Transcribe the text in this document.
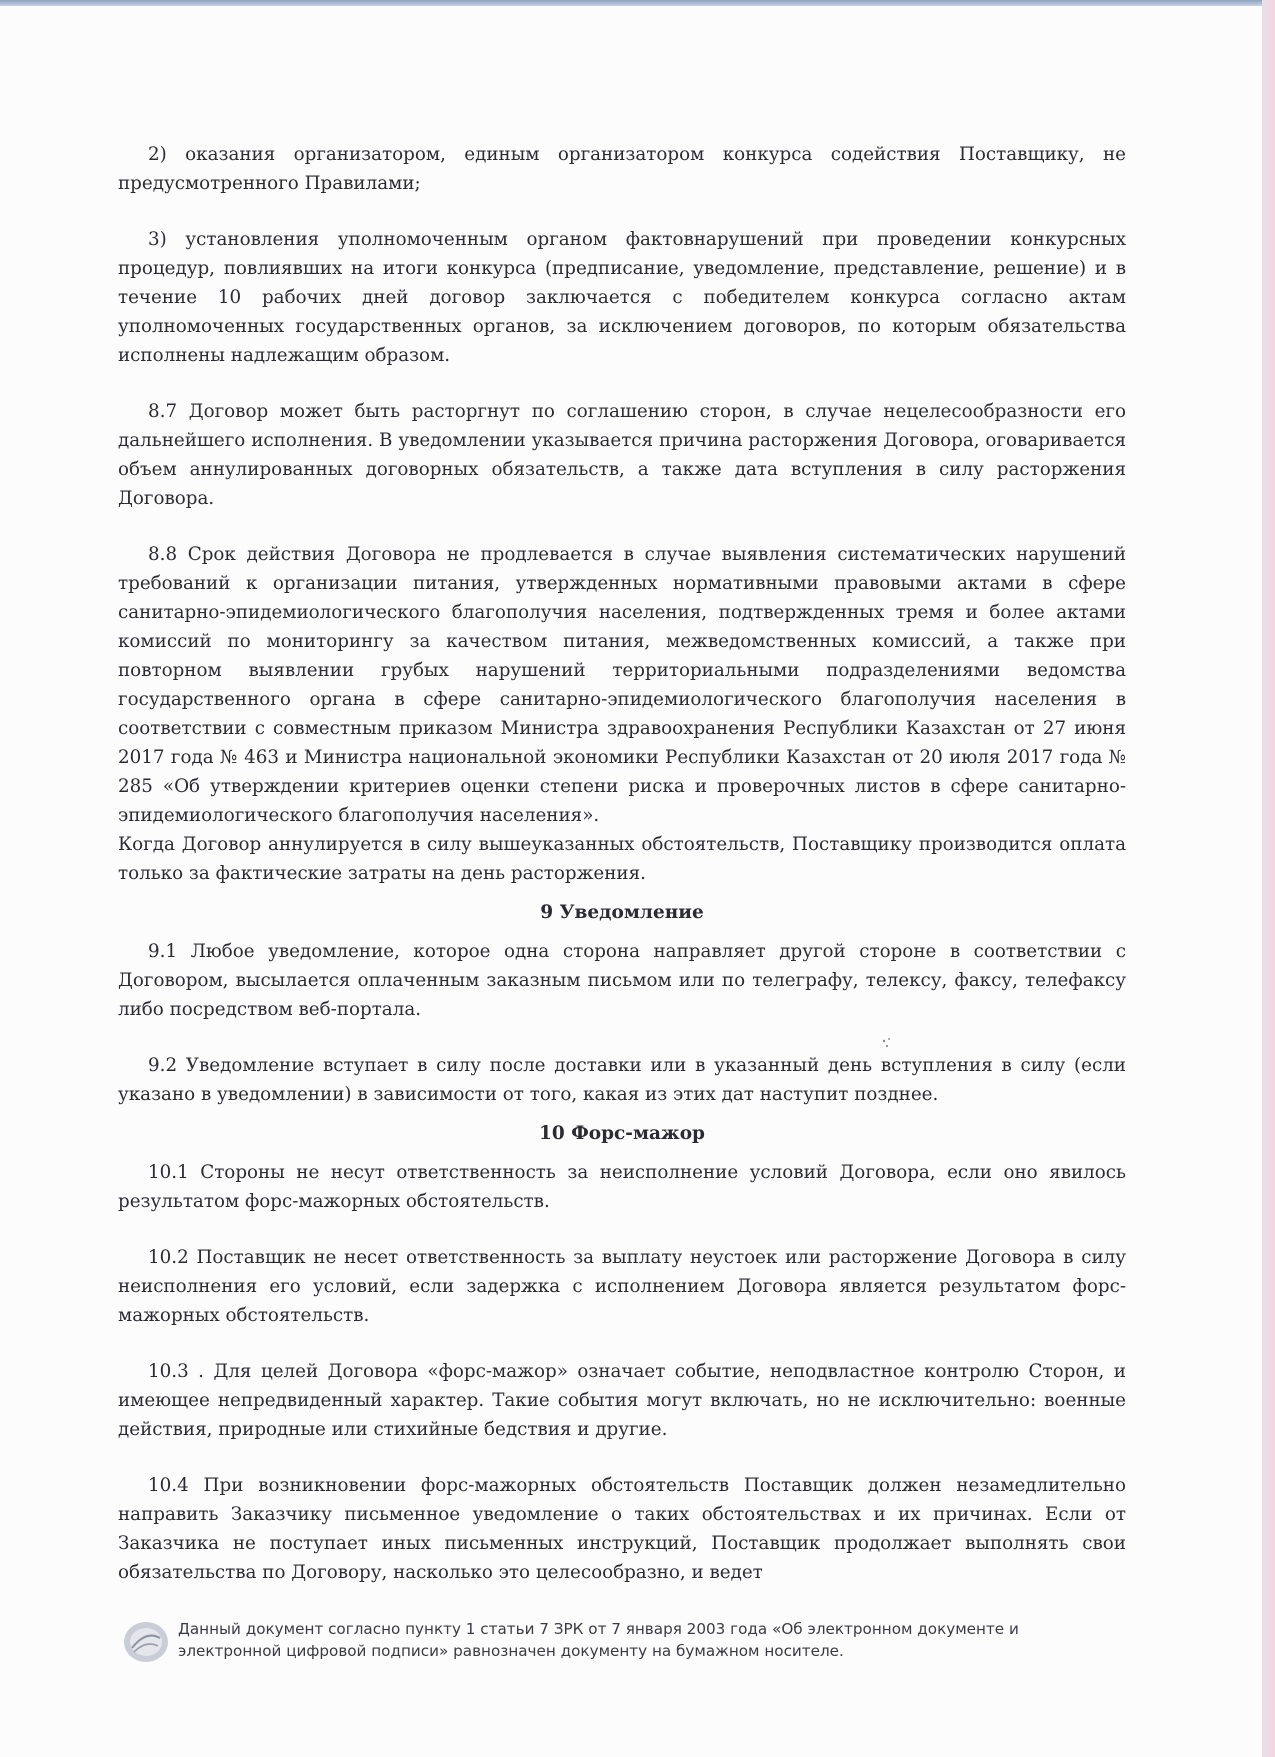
2) оказания организатором, единым организатором конкурса содействия Поставщику, не предусмотренного Правилами;

3) установления уполномоченным органом фактовнарушений при проведении конкурсных процедур, повлиявших на итоги конкурса (предписание, уведомление, представление, решение) и в течение 10 рабочих дней договор заключается с победителем конкурса согласно актам уполномоченных государственных органов, за исключением договоров, по которым обязательства исполнены надлежащим образом.

8.7 Договор может быть расторгнут по соглашению сторон, в случае нецелесообразности его дальнейшего исполнения. В уведомлении указывается причина расторжения Договора, оговаривается объем аннулированных договорных обязательств, а также дата вступления в силу расторжения Договора.

8.8 Срок действия Договора не продлевается в случае выявления систематических нарушений требований к организации питания, утвержденных нормативными правовыми актами в сфере санитарно-эпидемиологического благополучия населения, подтвержденных тремя и более актами комиссий по мониторингу за качеством питания, межведомственных комиссий, а также при повторном выявлении грубых нарушений территориальными подразделениями ведомства государственного органа в сфере санитарно-эпидемиологического благополучия населения в соответствии с совместным приказом Министра здравоохранения Республики Казахстан от 27 июня 2017 года № 463 и Министра национальной экономики Республики Казахстан от 20 июля 2017 года № 285 «Об утверждении критериев оценки степени риска и проверочных листов в сфере санитарно-эпидемиологического благополучия населения».

Когда Договор аннулируется в силу вышеуказанных обстоятельств, Поставщику производится оплата только за фактические затраты на день расторжения.

9 Уведомление

9.1 Любое уведомление, которое одна сторона направляет другой стороне в соответствии с Договором, высылается оплаченным заказным письмом или по телеграфу, телексу, факсу, телефаксу либо посредством веб-портала.

9.2 Уведомление вступает в силу после доставки или в указанный день вступления в силу (если указано в уведомлении) в зависимости от того, какая из этих дат наступит позднее.

10 Форс-мажор

10.1 Стороны не несут ответственность за неисполнение условий Договора, если оно явилось результатом форс-мажорных обстоятельств.

10.2 Поставщик не несет ответственность за выплату неустоек или расторжение Договора в силу неисполнения его условий, если задержка с исполнением Договора является результатом форс-мажорных обстоятельств.

10.3 . Для целей Договора «форс-мажор» означает событие, неподвластное контролю Сторон, и имеющее непредвиденный характер. Такие события могут включать, но не исключительно: военные действия, природные или стихийные бедствия и другие.

10.4 При возникновении форс-мажорных обстоятельств Поставщик должен незамедлительно направить Заказчику письменное уведомление о таких обстоятельствах и их причинах. Если от Заказчика не поступает иных письменных инструкций, Поставщик продолжает выполнять свои обязательства по Договору, насколько это целесообразно, и ведет

Данный документ согласно пункту 1 статьи 7 ЗРК от 7 января 2003 года «Об электронном документе и электронной цифровой подписи» равнозначен документу на бумажном носителе.
